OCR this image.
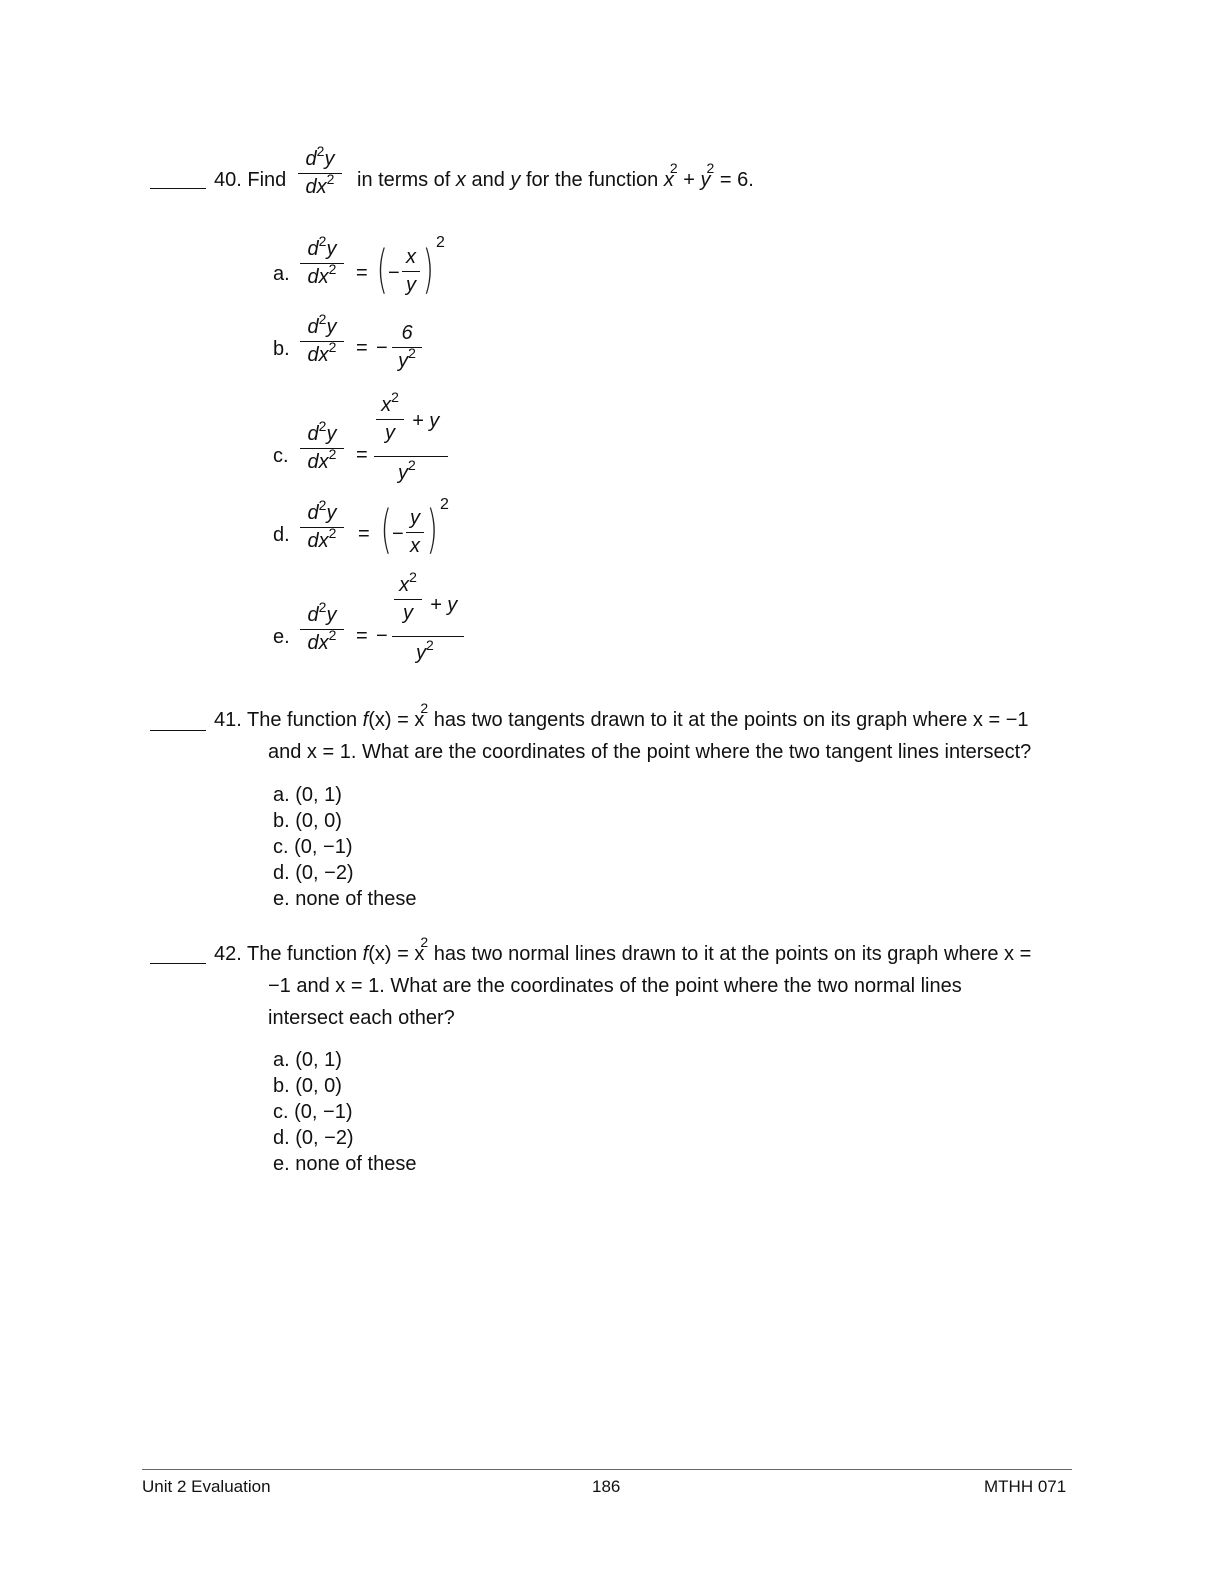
40. Find
$d^2y$
$dx^2$	in terms of x and y for the function $x^2 + y^2 = 6$.
a.
$d^2y$
$dx^2$ = ( −
x
y ) 2
b.
$d^2y$
$dx^2$ = −
6
$y^2$
c.
$d^2y$
$dx^2$ =
$x^2$
y
+ y
$y^2$
d.
$d^2y$
$dx^2$	= ( −
y
x ) 2
e.
$d^2y$
$dx^2$ = −
$x^2$
y + y
$y^2$
41. The function $f(x) = x^2$ has two tangents drawn to it at the points on its graph where x = −1
and x = 1. What are the coordinates of the point where the two tangent lines intersect?
a. (0, 1)
b. (0, 0)
c. (0, −1)
d. (0, −2)
e. none of these
42. The function $f(x) = x^2$ has two normal lines drawn to it at the points on its graph where x =
−1 and x = 1. What are the coordinates of the point where the two normal lines
intersect each other?
a. (0, 1)
b. (0, 0)
c. (0, −1)
d. (0, −2)
e. none of these
Unit 2 Evaluation	186	MTHH 071
